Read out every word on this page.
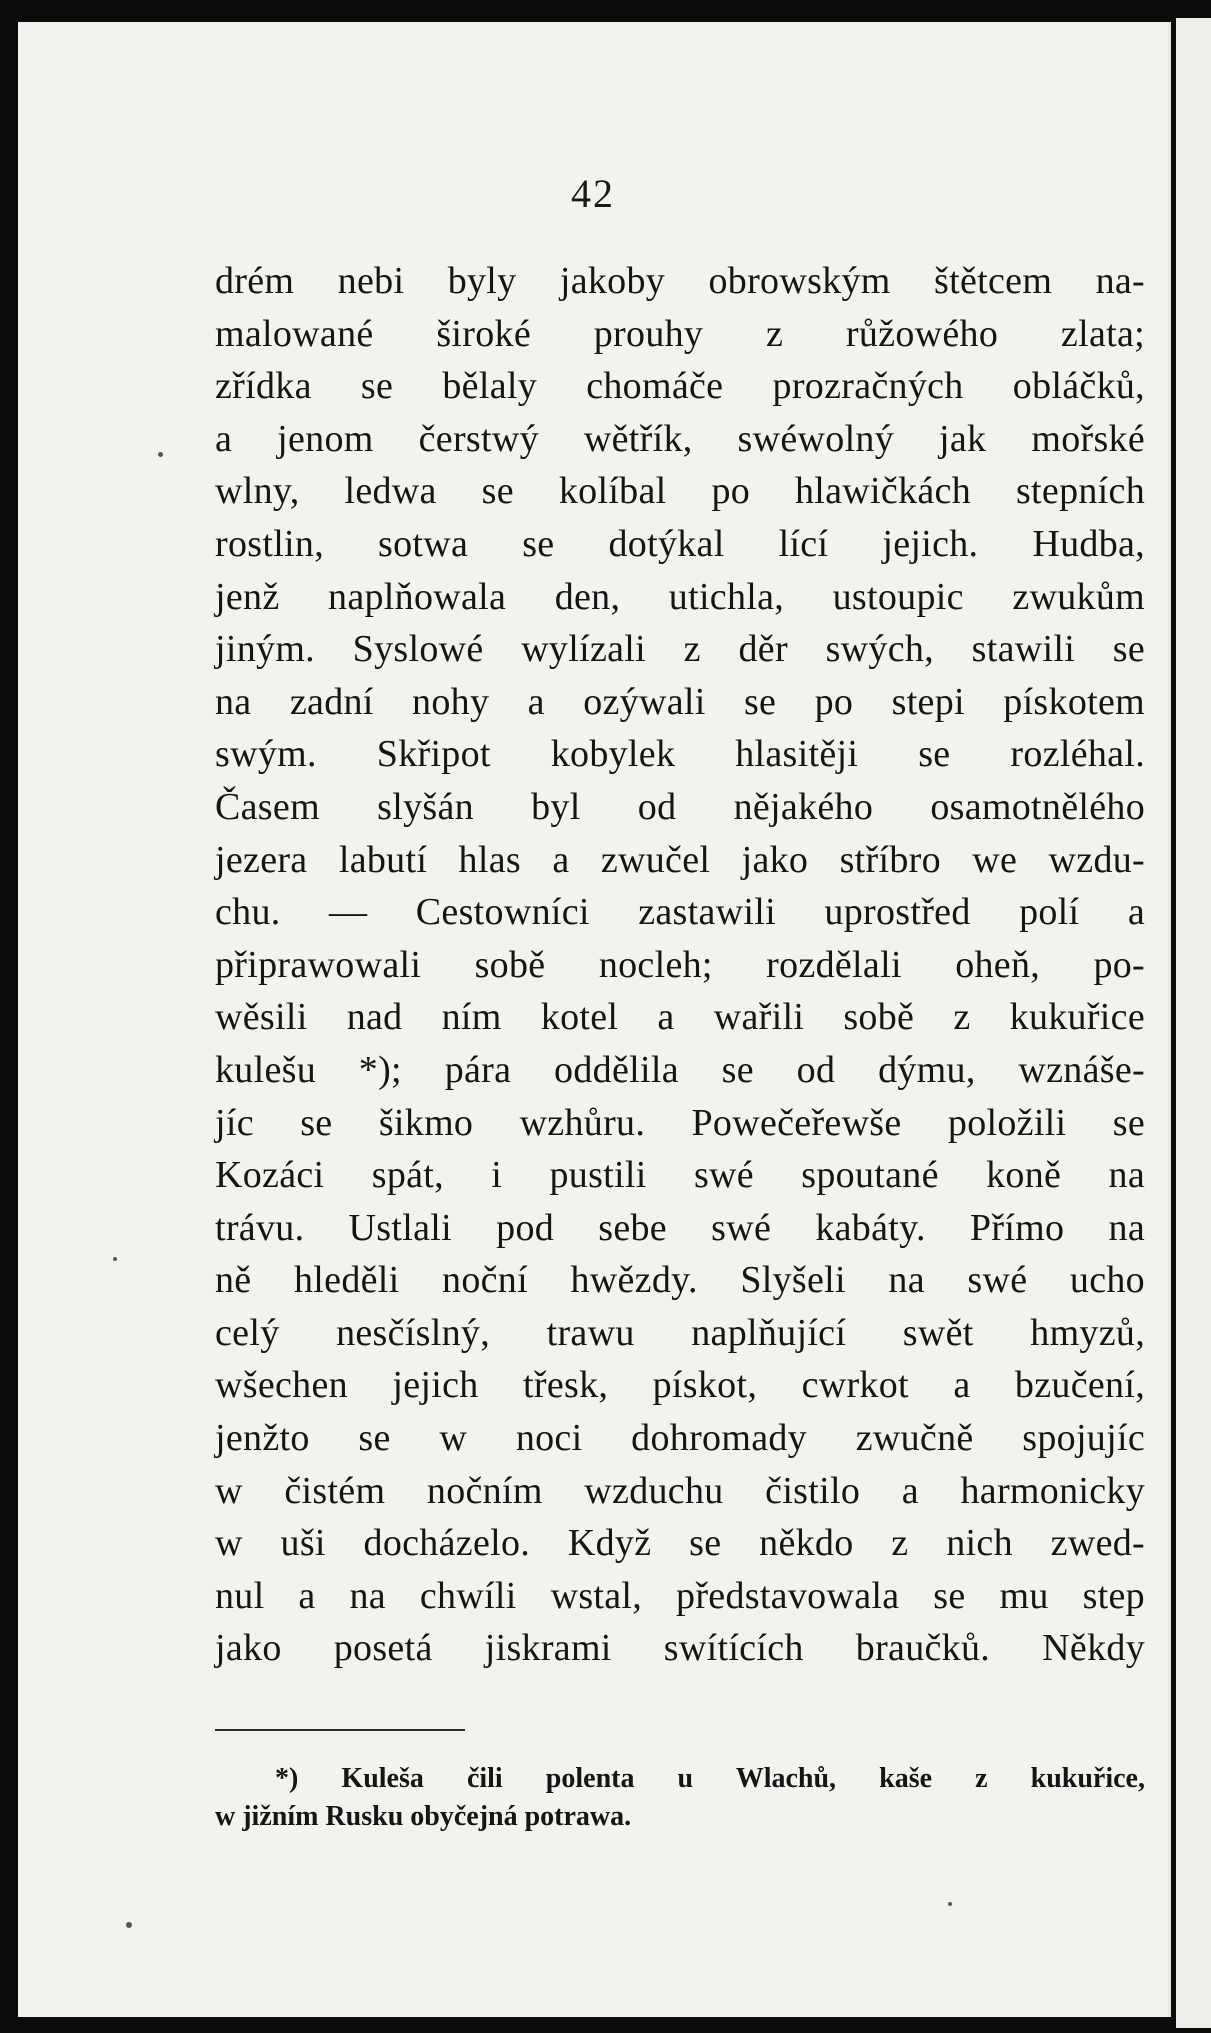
42
drém nebi byly jakoby obrowským štětcem na-
malowané široké prouhy z růžowého zlata;
zřídka se bělaly chomáče prozračných obláčků,
a jenom čerstwý wětřík, swéwolný jak mořské
wlny, ledwa se kolíbal po hlawičkách stepních
rostlin, sotwa se dotýkal lící jejich. Hudba,
jenž naplňowala den, utichla, ustoupic zwukům
jiným. Syslowé wylízali z děr swých, stawili se
na zadní nohy a ozýwali se po stepi pískotem
swým. Skřipot kobylek hlasitěji se rozléhal.
Časem slyšán byl od nějakého osamotnělého
jezera labutí hlas a zwučel jako stříbro we wzdu-
chu. — Cestowníci zastawili uprostřed polí a
připrawowali sobě nocleh; rozdělali oheň, po-
wěsili nad ním kotel a wařili sobě z kukuřice
kulešu *); pára oddělila se od dýmu, wznáše-
jíc se šikmo wzhůru. Powečeřewše položili se
Kozáci spát, i pustili swé spoutané koně na
trávu. Ustlali pod sebe swé kabáty. Přímo na
ně hleděli noční hwězdy. Slyšeli na swé ucho
celý nesčíslný, trawu naplňující swět hmyzů,
wšechen jejich třesk, pískot, cwrkot a bzučení,
jenžto se w noci dohromady zwučně spojujíc
w čistém nočním wzduchu čistilo a harmonicky
w uši docházelo. Když se někdo z nich zwed-
nul a na chwíli wstal, představowala se mu step
jako posetá jiskrami swítících braučků. Někdy
*) Kuleša čili polenta u Wlachů, kaše z kukuřice,
w jižním Rusku obyčejná potrawa.
